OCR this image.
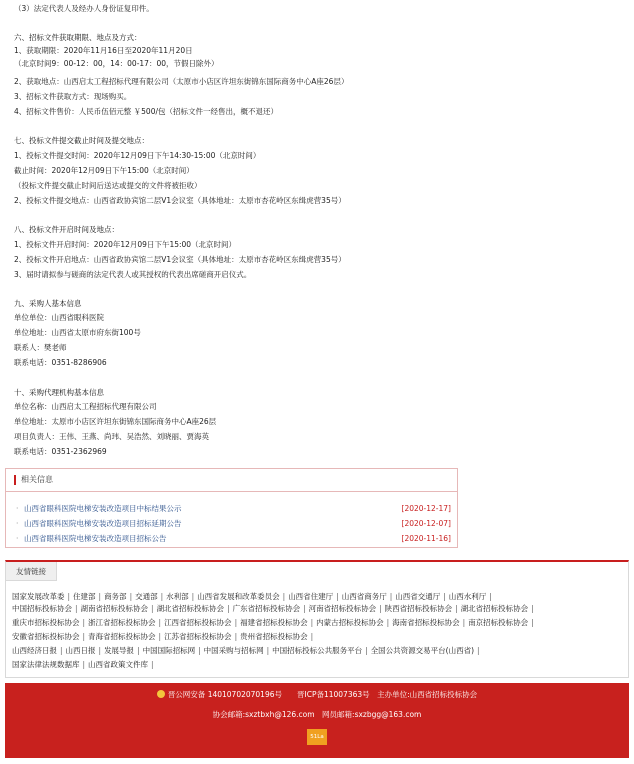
（3）法定代表人及经办人身份证复印件。
六、招标文件获取期限、地点及方式：
1、获取期限：2020年11月16日至2020年11月20日
（北京时间9：00-12：00，14：00-17：00，节假日除外）
2、获取地点：山西启太工程招标代理有限公司（太原市小店区许坦东街锦东国际商务中心A座26层）
3、招标文件获取方式：现场购买。
4、招标文件售价：人民币伍佰元整 ￥500/包（招标文件一经售出，概不退还）
七、投标文件提交截止时间及提交地点：
1、投标文件提交时间：2020年12月09日下午14:30-15:00（北京时间）
截止时间：2020年12月09日下午15:00（北京时间）
（投标文件提交截止时间后送达或提交的文件将被拒收）
2、投标文件提交地点：山西省政协宾馆二层V1会议室（具体地址：太原市杏花岭区东缉虎营35号）
八、投标文件开启时间及地点：
1、投标文件开启时间：2020年12月09日下午15:00（北京时间）
2、投标文件开启地点：山西省政协宾馆二层V1会议室（具体地址：太原市杏花岭区东缉虎营35号）
3、届时请拟参与磋商的法定代表人或其授权的代表出席磋商开启仪式。
九、采购人基本信息
单位单位：山西省眼科医院
单位地址：山西省太原市府东街100号
联系人：樊老师
联系电话：0351-8286906
十、采购代理机构基本信息
单位名称：山西启太工程招标代理有限公司
单位地址：太原市小店区许坦东街锦东国际商务中心A座26层
项目负责人：王伟、王燕、尚玮、吴浩然、刘晓丽、贾海英
联系电话：0351-2362969
相关信息
· 山西省眼科医院电梯安装改造项目中标结果公示	[2020-12-17]
· 山西省眼科医院电梯安装改造项目招标延期公告	[2020-12-07]
· 山西省眼科医院电梯安装改造项目招标公告	[2020-11-16]
友情链接
国家发展改革委 | 住建部 | 商务部 | 交通部 | 水利部 | 山西省发展和改革委员会 | 山西省住建厅 | 山西省商务厅 | 山西省交通厅 | 山西水利厅 |
中国招标投标协会 | 湖南省招标投标协会 | 湖北省招标投标协会 | 广东省招标投标协会 | 河南省招标投标协会 | 陕西省招标投标协会 | 湖北省招标投标协会 |
重庆市招标投标协会 | 浙江省招标投标协会 | 江西省招标投标协会 | 福建省招标投标协会 | 内蒙古招标投标协会 | 海南省招标投标协会 | 南京招标投标协会 |
安徽省招标投标协会 | 青海省招标投标协会 | 江苏省招标投标协会 | 贵州省招标投标协会 |
山西经济日报 | 山西日报 | 发展导报 | 中国国际招标网 | 中国采购与招标网 | 中国招标投标公共服务平台 | 全国公共资源交易平台(山西省) |
国家法律法规数据库 | 山西省政策文件库 |
晋公网安备 14010702070196号　　晋ICP备11007363号　主办单位:山西省招标投标协会
协会邮箱:sxztbxh@126.com　网员邮箱:sxzbgg@163.com
51La
